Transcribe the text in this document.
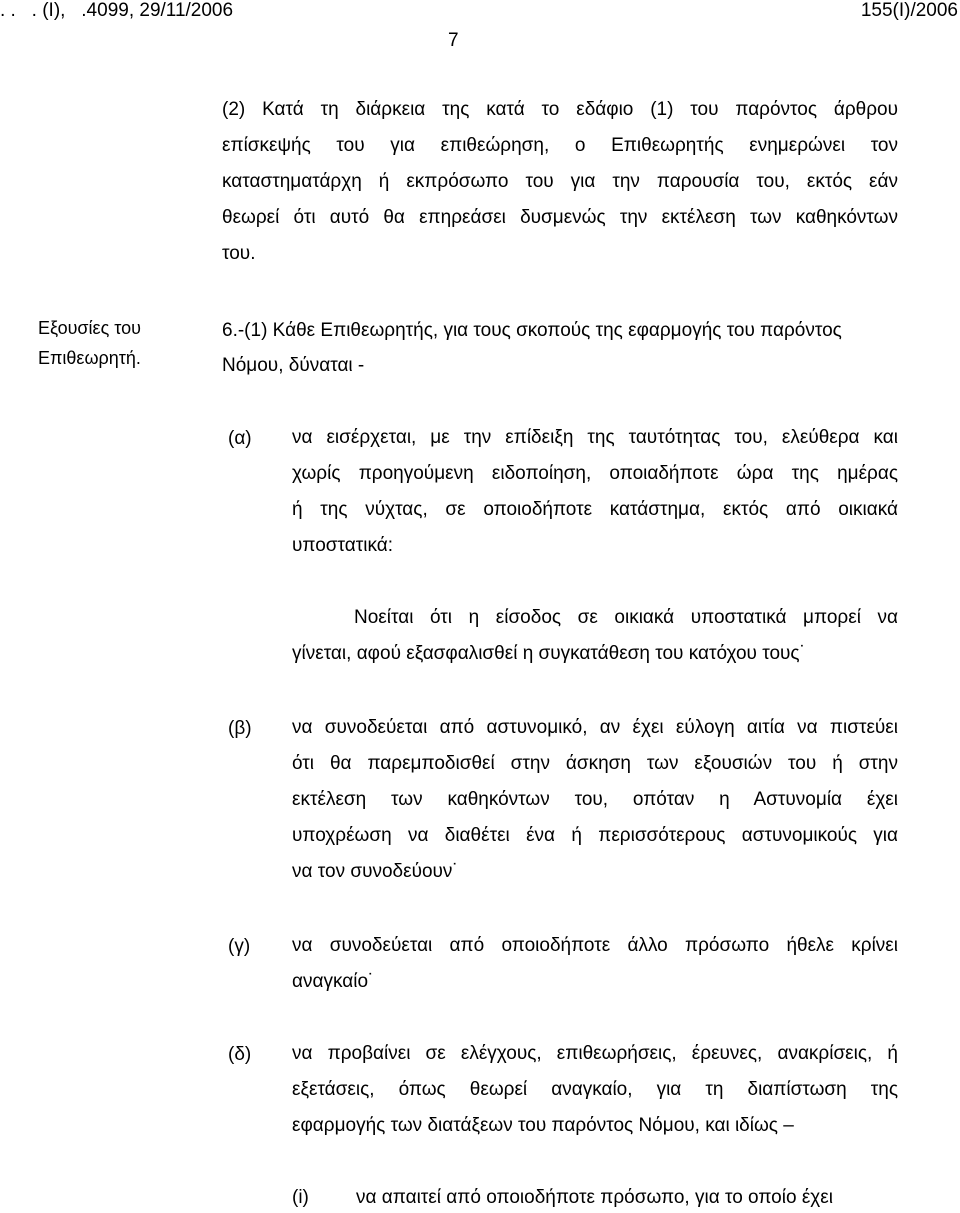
. .   . (Ι),   .4099, 29/11/2006	155(Ι)/2006
7
(2) Κατά τη διάρκεια της κατά το εδάφιο (1) του παρόντος άρθρου
επίσκεψής του για επιθεώρηση, ο Επιθεωρητής ενημερώνει τον
καταστηματάρχη ή εκπρόσωπο του για την παρουσία του, εκτός εάν
θεωρεί ότι αυτό θα επηρεάσει δυσμενώς την εκτέλεση των καθηκόντων
του.
Εξουσίες του
Επιθεωρητή.
6.-(1) Κάθε Επιθεωρητής, για τους σκοπούς της εφαρμογής του παρόντος
Νόμου, δύναται -
(α) να εισέρχεται, με την επίδειξη της ταυτότητας του, ελεύθερα και
χωρίς προηγούμενη ειδοποίηση, οποιαδήποτε ώρα της ημέρας
ή της νύχτας, σε οποιοδήποτε κατάστημα, εκτός από οικιακά
υποστατικά:
Νοείται ότι η είσοδος σε οικιακά υποστατικά μπορεί να
γίνεται, αφού εξασφαλισθεί η συγκατάθεση του κατόχου τους˙
(β) να συνοδεύεται από αστυνομικό, αν έχει εύλογη αιτία να πιστεύει
ότι θα παρεμποδισθεί στην άσκηση των εξουσιών του ή στην
εκτέλεση των καθηκόντων του, οπόταν η Αστυνομία έχει
υποχρέωση να διαθέτει ένα ή περισσότερους αστυνομικούς για
να τον συνοδεύουν˙
(γ) να συνοδεύεται από οποιοδήποτε άλλο πρόσωπο ήθελε κρίνει
αναγκαίο˙
(δ) να προβαίνει σε ελέγχους, επιθεωρήσεις, έρευνες, ανακρίσεις, ή
εξετάσεις, όπως θεωρεί αναγκαίο, για τη διαπίστωση της
εφαρμογής των διατάξεων του παρόντος Νόμου, και ιδίως –
(i) να απαιτεί από οποιοδήποτε πρόσωπο, για το οποίο έχει
